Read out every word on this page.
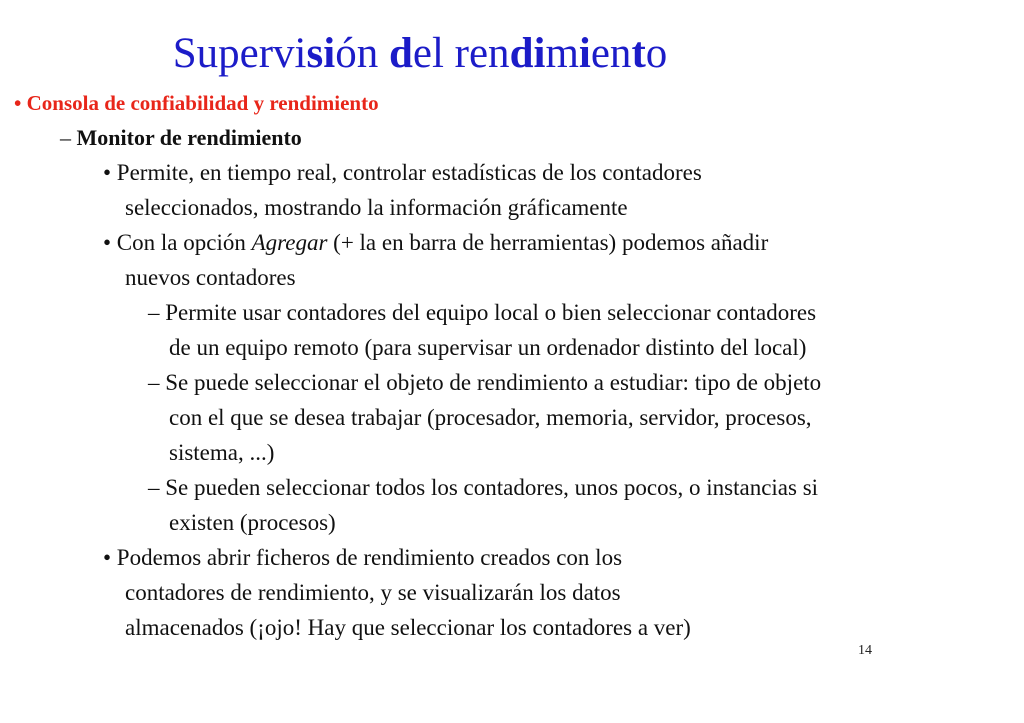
Supervisión del rendimiento
• Consola de confiabilidad y rendimiento
– Monitor de rendimiento
• Permite, en tiempo real, controlar estadísticas de los contadores
seleccionados, mostrando la información gráficamente
• Con la opción Agregar (+ la en barra de herramientas) podemos añadir
nuevos contadores
– Permite usar contadores del equipo local o bien seleccionar contadores
de un equipo remoto (para supervisar un ordenador distinto del local)
– Se puede seleccionar el objeto de rendimiento a estudiar: tipo de objeto
con el que se desea trabajar (procesador, memoria, servidor, procesos,
sistema, ...)
– Se pueden seleccionar todos los contadores, unos pocos, o instancias si
existen (procesos)
• Podemos abrir ficheros de rendimiento creados con los
contadores de rendimiento, y se visualizarán los datos
almacenados (¡ojo! Hay que seleccionar los contadores a ver)
14
